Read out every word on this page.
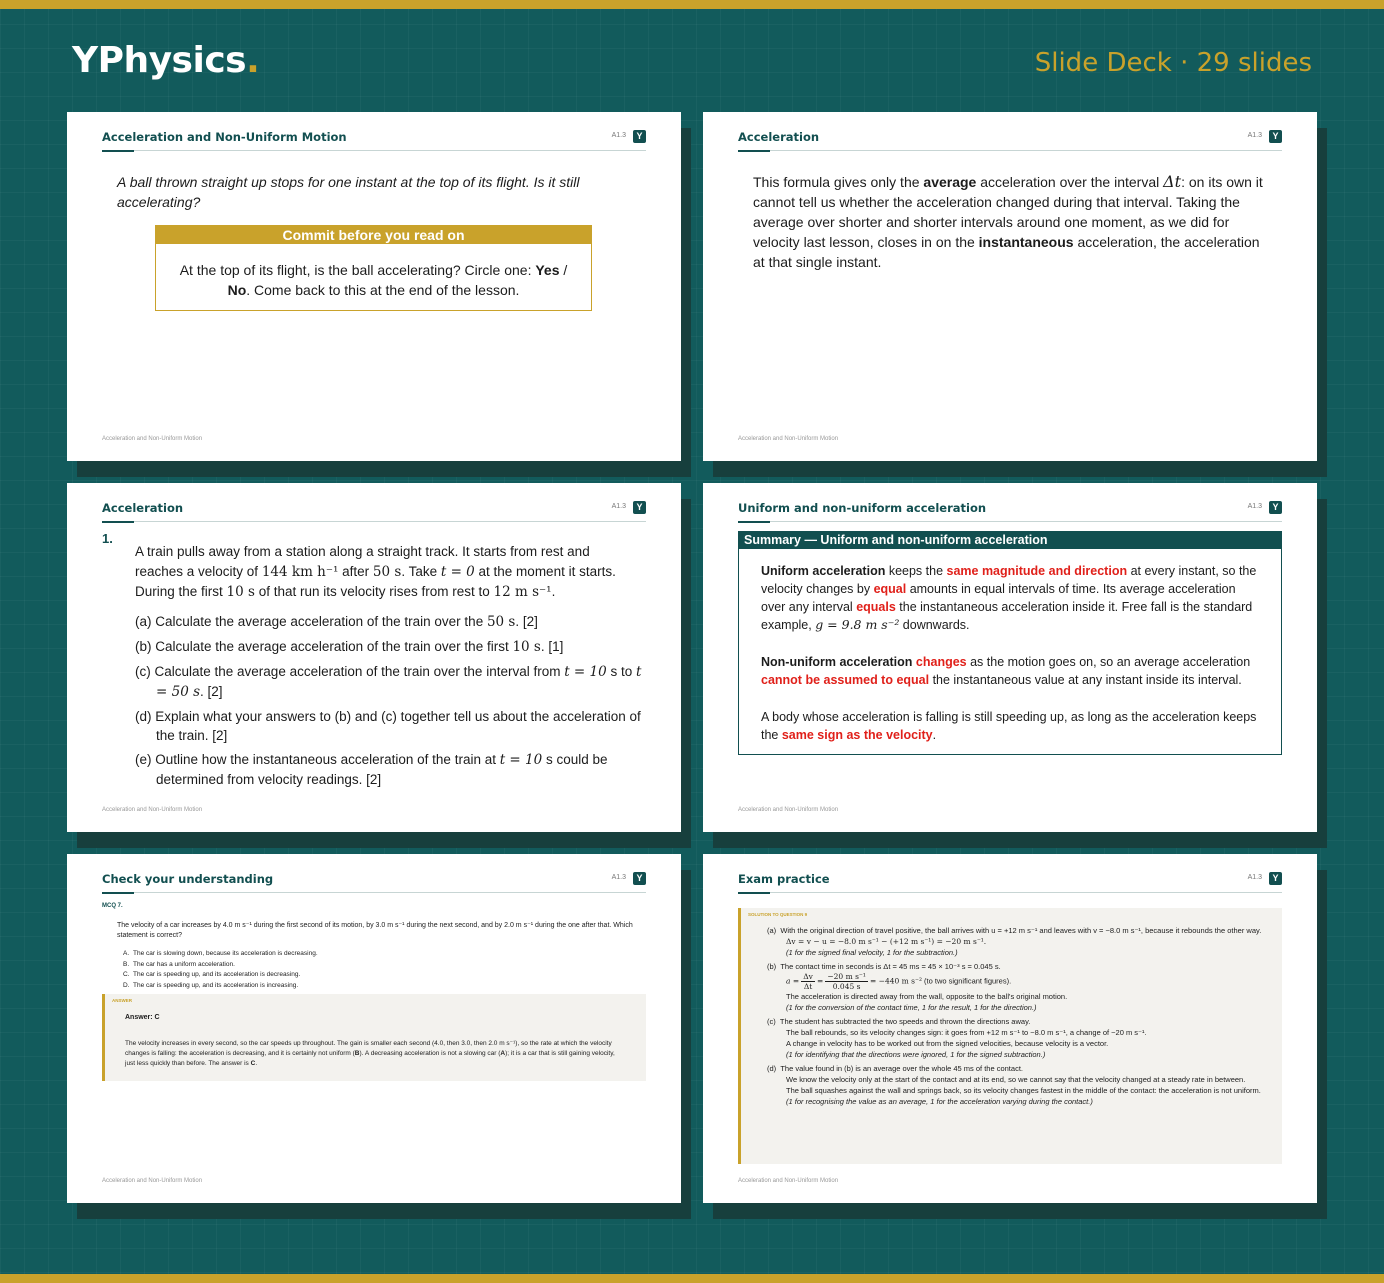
YPhysics.	Slide Deck · 29 slides
Acceleration and Non-Uniform Motion	A1.3	Y
A ball thrown straight up stops for one instant at the top of its flight. Is it still accelerating?
Commit before you read on
At the top of its flight, is the ball accelerating? Circle one: Yes / No. Come back to this at the end of the lesson.
Acceleration and Non-Uniform Motion
Acceleration	A1.3	Y
This formula gives only the average acceleration over the interval Δt: on its own it cannot tell us whether the acceleration changed during that interval. Taking the average over shorter and shorter intervals around one moment, as we did for velocity last lesson, closes in on the instantaneous acceleration, the acceleration at that single instant.
Acceleration and Non-Uniform Motion
Acceleration	A1.3	Y
1.
A train pulls away from a station along a straight track. It starts from rest and reaches a velocity of 144 km h⁻¹ after 50 s. Take t = 0 at the moment it starts. During the first 10 s of that run its velocity rises from rest to 12 m s⁻¹.
(a) Calculate the average acceleration of the train over the 50 s. [2]
(b) Calculate the average acceleration of the train over the first 10 s. [1]
(c) Calculate the average acceleration of the train over the interval from t = 10 s to t = 50 s. [2]
(d) Explain what your answers to (b) and (c) together tell us about the acceleration of the train. [2]
(e) Outline how the instantaneous acceleration of the train at t = 10 s could be determined from velocity readings. [2]
Acceleration and Non-Uniform Motion
Uniform and non-uniform acceleration	A1.3	Y
Summary — Uniform and non-uniform acceleration

Uniform acceleration keeps the same magnitude and direction at every instant, so the velocity changes by equal amounts in equal intervals of time. Its average acceleration over any interval equals the instantaneous acceleration inside it. Free fall is the standard example, g = 9.8 m s⁻² downwards.

Non-uniform acceleration changes as the motion goes on, so an average acceleration cannot be assumed to equal the instantaneous value at any instant inside its interval.

A body whose acceleration is falling is still speeding up, as long as the acceleration keeps the same sign as the velocity.

Acceleration and Non-Uniform Motion
Check your understanding	A1.3	Y
MCQ 7.
The velocity of a car increases by 4.0 m s⁻¹ during the first second of its motion, by 3.0 m s⁻¹ during the next second, and by 2.0 m s⁻¹ during the one after that. Which statement is correct?
A. The car is slowing down, because its acceleration is decreasing.
B. The car has a uniform acceleration.
C. The car is speeding up, and its acceleration is decreasing.
D. The car is speeding up, and its acceleration is increasing.
ANSWER
Answer: C
The velocity increases in every second, so the car speeds up throughout. The gain is smaller each second (4.0, then 3.0, then 2.0 m s⁻¹), so the rate at which the velocity changes is falling: the acceleration is decreasing, and it is certainly not uniform (B). A decreasing acceleration is not a slowing car (A); it is a car that is still gaining velocity, just less quickly than before. The answer is C.
Acceleration and Non-Uniform Motion
Exam practice	A1.3	Y
SOLUTION TO QUESTION 9
(a) With the original direction of travel positive, the ball arrives with u = +12 m s⁻¹ and leaves with v = −8.0 m s⁻¹, because it rebounds the other way.
Δv = v − u = −8.0 m s⁻¹ − (+12 m s⁻¹) = −20 m s⁻¹.
(1 for the signed final velocity, 1 for the subtraction.)
(b) The contact time in seconds is Δt = 45 ms = 45 × 10⁻³ s = 0.045 s.
$a = \frac{\Delta v}{\Delta t} = \frac{\text{−20 m s⁻¹}}{0.045 s} = -440$ m s⁻² (to two significant figures).
The acceleration is directed away from the wall, opposite to the ball's original motion.
(1 for the conversion of the contact time, 1 for the result, 1 for the direction.)
(c) The student has subtracted the two speeds and thrown the directions away.
The ball rebounds, so its velocity changes sign: it goes from +12 m s⁻¹ to −8.0 m s⁻¹, a change of −20 m s⁻¹.
A change in velocity has to be worked out from the signed velocities, because velocity is a vector.
(1 for identifying that the directions were ignored, 1 for the signed subtraction.)
(d) The value found in (b) is an average over the whole 45 ms of the contact.
We know the velocity only at the start of the contact and at its end, so we cannot say that the velocity changed at a steady rate in between.
The ball squashes against the wall and springs back, so its velocity changes fastest in the middle of the contact: the acceleration is not uniform.
(1 for recognising the value as an average, 1 for the acceleration varying during the contact.)
Acceleration and Non-Uniform Motion
